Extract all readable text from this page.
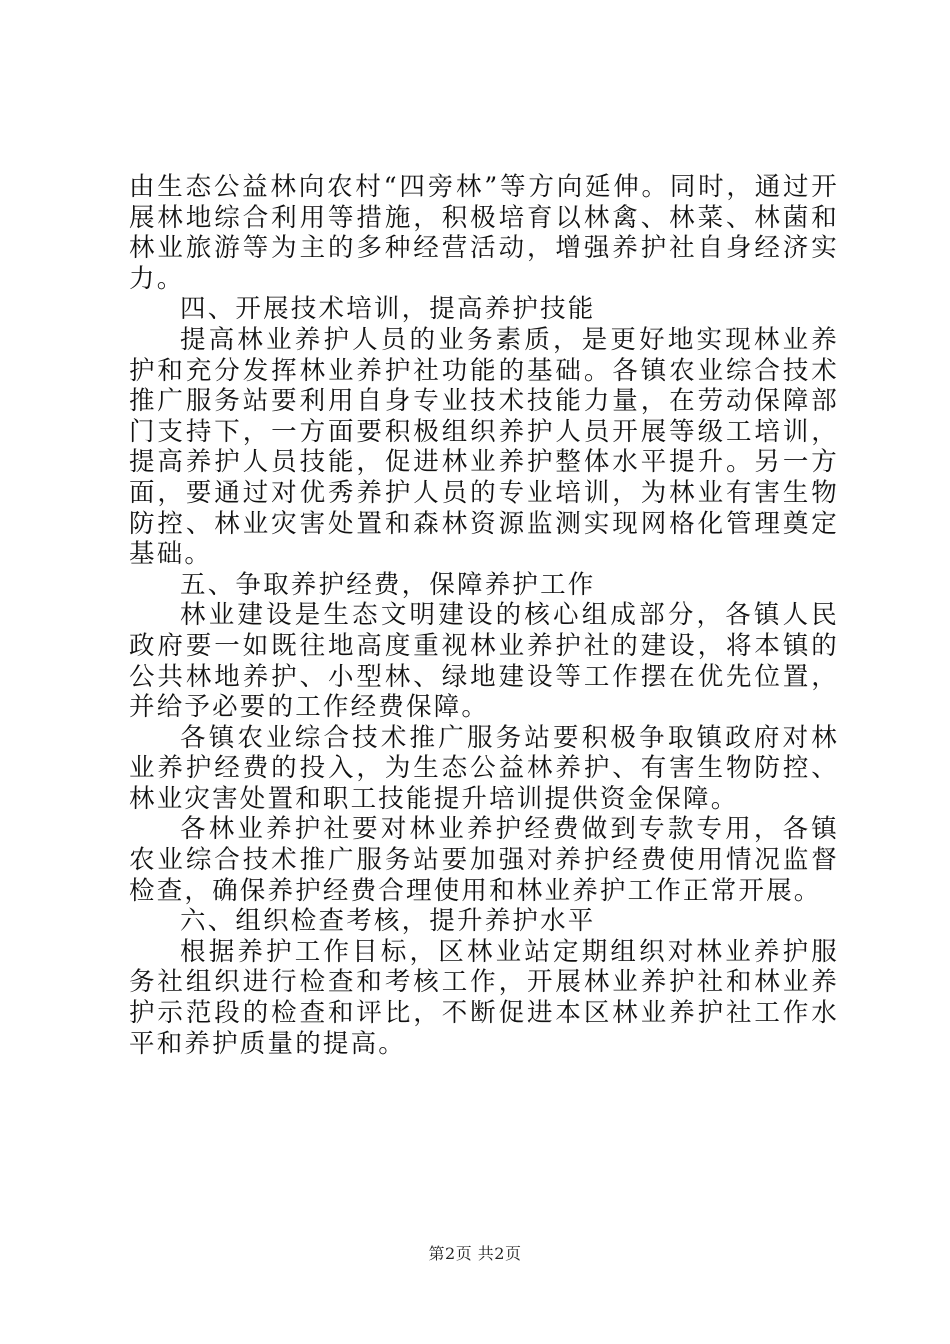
由生态公益林向农村“四旁林”等方向延伸。同时，通过开展林地综合利用等措施，积极培育以林禽、林菜、林菌和林业旅游等为主的多种经营活动，增强养护社自身经济实力。

四、开展技术培训，提高养护技能

提高林业养护人员的业务素质，是更好地实现林业养护和充分发挥林业养护社功能的基础。各镇农业综合技术推广服务站要利用自身专业技术技能力量，在劳动保障部门支持下，一方面要积极组织养护人员开展等级工培训，提高养护人员技能，促进林业养护整体水平提升。另一方面，要通过对优秀养护人员的专业培训，为林业有害生物防控、林业灾害处置和森林资源监测实现网格化管理奠定基础。

五、争取养护经费，保障养护工作

林业建设是生态文明建设的核心组成部分，各镇人民政府要一如既往地高度重视林业养护社的建设，将本镇的公共林地养护、小型林、绿地建设等工作摆在优先位置，并给予必要的工作经费保障。

各镇农业综合技术推广服务站要积极争取镇政府对林业养护经费的投入，为生态公益林养护、有害生物防控、林业灾害处置和职工技能提升培训提供资金保障。

各林业养护社要对林业养护经费做到专款专用，各镇农业综合技术推广服务站要加强对养护经费使用情况监督检查，确保养护经费合理使用和林业养护工作正常开展。

六、组织检查考核，提升养护水平

根据养护工作目标，区林业站定期组织对林业养护服务社组织进行检查和考核工作，开展林业养护社和林业养护示范段的检查和评比，不断促进本区林业养护社工作水平和养护质量的提高。

第2页 共2页
